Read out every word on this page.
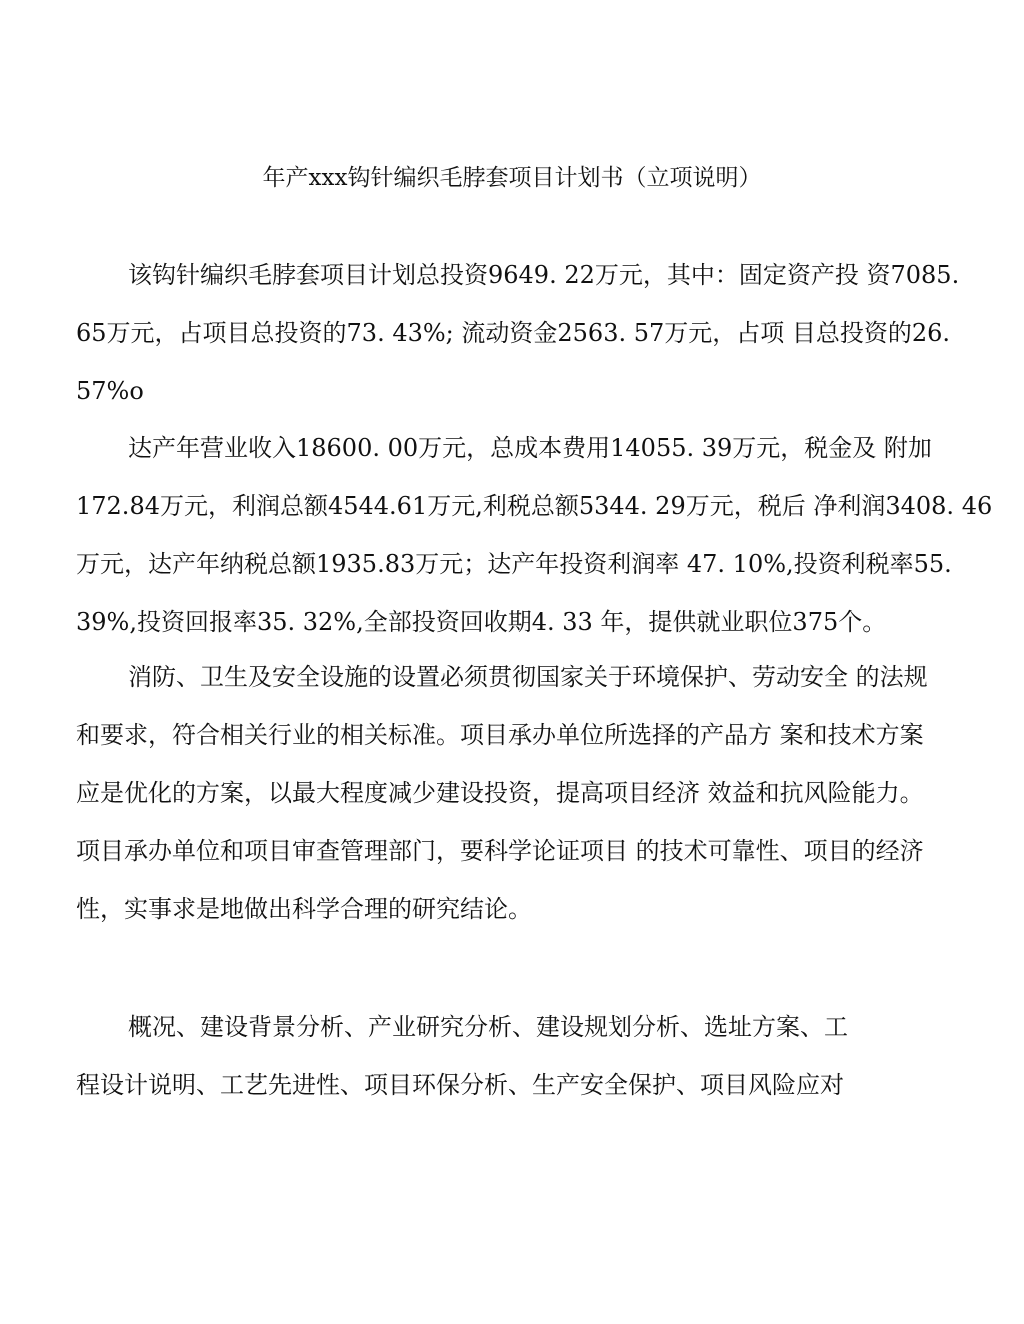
年产xxx钩针编织毛脖套项目计划书（立项说明）

该钩针编织毛脖套项目计划总投资9649. 22万元，其中：固定资产投 资7085.
65万元，占项目总投资的73. 43%; 流动资金2563. 57万元，占项 目总投资的26.
57%o

达产年营业收入18600. 00万元，总成本费用14055. 39万元，税金及 附加
172.84万元，利润总额4544.61万元,利税总额5344. 29万元，税后 净利润3408. 46
万元，达产年纳税总额1935.83万元；达产年投资利润率 47. 10%,投资利税率55.
39%,投资回报率35. 32%,全部投资回收期4. 33 年，提供就业职位375个。

消防、卫生及安全设施的设置必须贯彻国家关于环境保护、劳动安全 的法规
和要求，符合相关行业的相关标准。项目承办单位所选择的产品方 案和技术方案
应是优化的方案，以最大程度减少建设投资，提高项目经济 效益和抗风险能力。
项目承办单位和项目审查管理部门，要科学论证项目 的技术可靠性、项目的经济
性，实事求是地做出科学合理的研究结论。

概况、建设背景分析、产业研究分析、建设规划分析、选址方案、工
程设计说明、工艺先进性、项目环保分析、生产安全保护、项目风险应对
